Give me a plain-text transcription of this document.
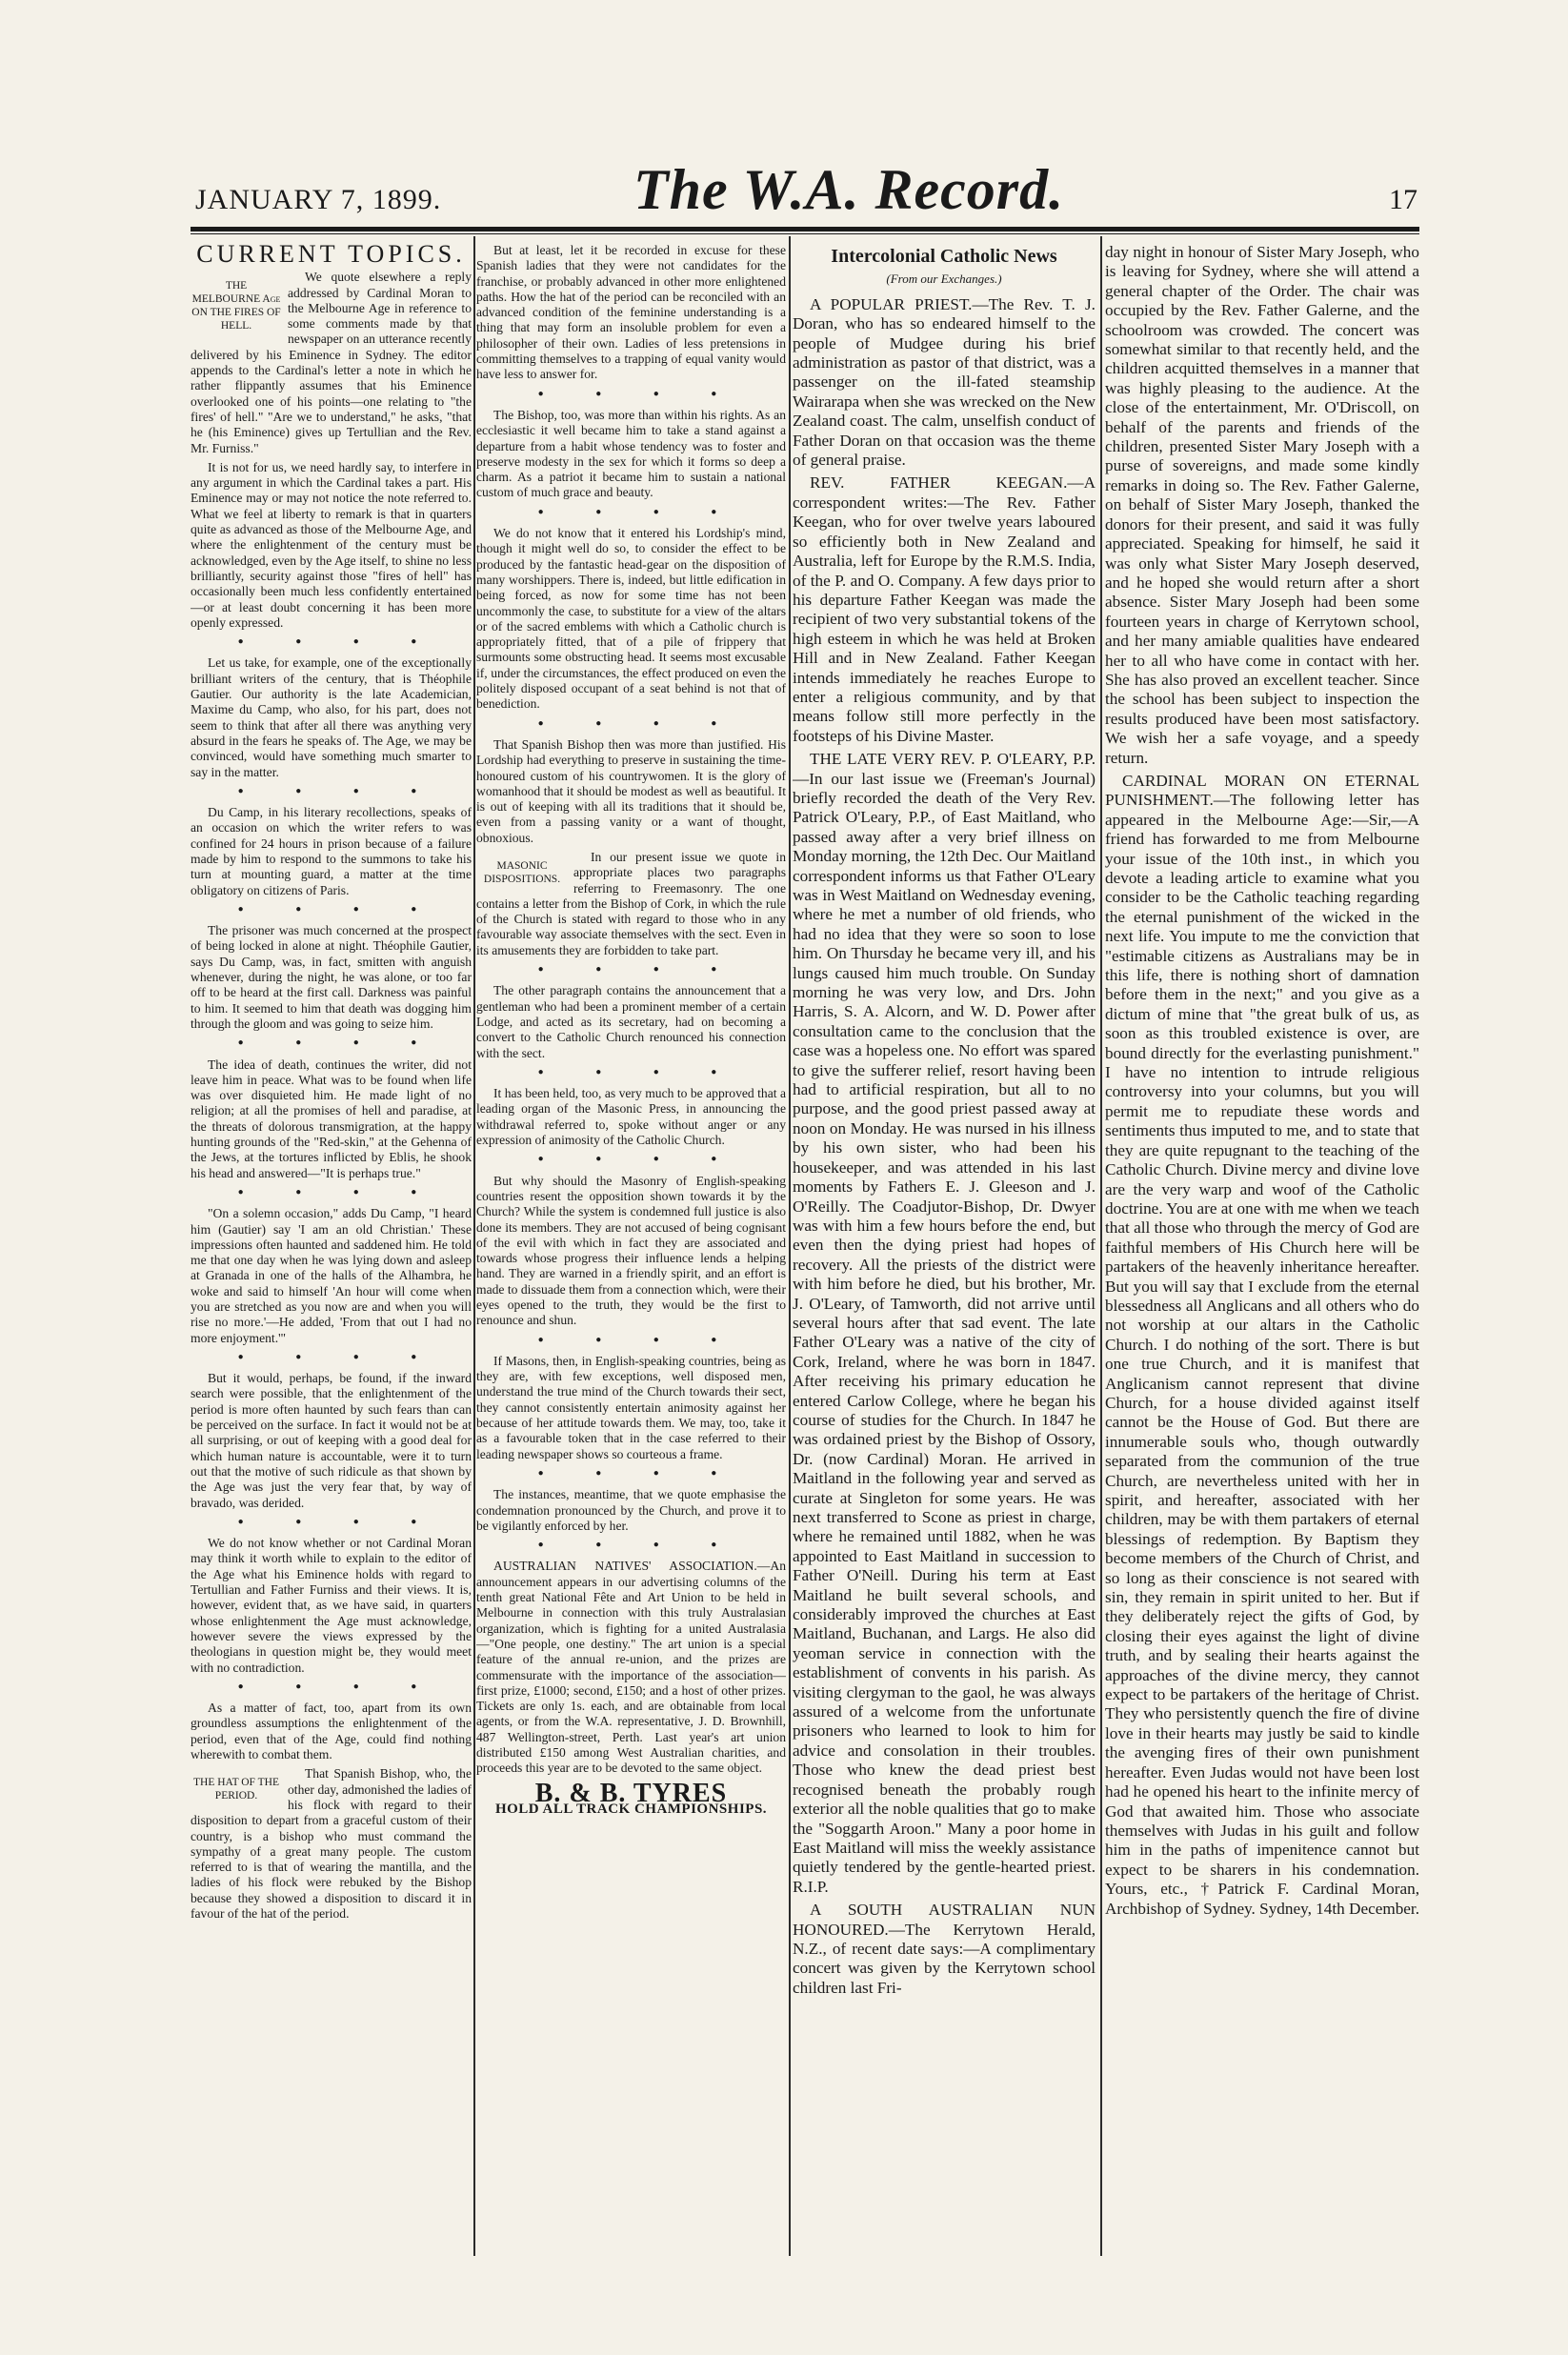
JANUARY 7, 1899.	The W.A. Record.	17
CURRENT TOPICS.
THE MELBOURNE Age ON THE FIRES OF HELL.

We quote elsewhere a reply addressed by Cardinal Moran to the Melbourne Age in reference to some comments made by that newspaper on an utterance recently delivered by his Eminence in Sydney. The editor appends to the Cardinal's letter a note in which he rather flippantly assumes that his Eminence overlooked one of his points—one relating to "the fires' of hell." "Are we to understand," he asks, "that he (his Eminence) gives up Tertullian and the Rev. Mr. Furniss."

It is not for us, we need hardly say, to interfere in any argument in which the Cardinal takes a part. His Eminence may or may not notice the note referred to. What we feel at liberty to remark is that in quarters quite as advanced as those of the Melbourne Age, and where the enlightenment of the century must be acknowledged, even by the Age itself, to shine no less brilliantly, security against those "fires of hell" has occasionally been much less confidently entertained—or at least doubt concerning it has been more openly expressed.

● ● ● ●

Let us take, for example, one of the exceptionally brilliant writers of the century, that is Théophile Gautier. Our authority is the late Academician, Maxime du Camp, who also, for his part, does not seem to think that after all there was anything very absurd in the fears he speaks of. The Age, we may be convinced, would have something much smarter to say in the matter.

● ● ● ●

Du Camp, in his literary recollections, speaks of an occasion on which the writer refers to was confined for 24 hours in prison because of a failure made by him to respond to the summons to take his turn at mounting guard, a matter at the time obligatory on citizens of Paris.

● ● ● ●

The prisoner was much concerned at the prospect of being locked in alone at night. Théophile Gautier, says Du Camp, was, in fact, smitten with anguish whenever, during the night, he was alone, or too far off to be heard at the first call. Darkness was painful to him. It seemed to him that death was dogging him through the gloom and was going to seize him.

● ● ● ●

The idea of death, continues the writer, did not leave him in peace. What was to be found when life was over disquieted him. He made light of no religion; at all the promises of hell and paradise, at the threats of dolorous transmigration, at the happy hunting grounds of the "Red-skin," at the Gehenna of the Jews, at the tortures inflicted by Eblis, he shook his head and answered—"It is perhaps true."

● ● ● ●

"On a solemn occasion," adds Du Camp, "I heard him (Gautier) say 'I am an old Christian.' These impressions often haunted and saddened him. He told me that one day when he was lying down and asleep at Granada in one of the halls of the Alhambra, he woke and said to himself 'An hour will come when you are stretched as you now are and when you will rise no more.'—He added, 'From that out I had no more enjoyment.'"

● ● ● ●

But it would, perhaps, be found, if the inward search were possible, that the enlightenment of the period is more often haunted by such fears than can be perceived on the surface. In fact it would not be at all surprising, or out of keeping with a good deal for which human nature is accountable, were it to turn out that the motive of such ridicule as that shown by the Age was just the very fear that, by way of bravado, was derided.

● ● ● ●

We do not know whether or not Cardinal Moran may think it worth while to explain to the editor of the Age what his Eminence holds with regard to Tertullian and Father Furniss and their views. It is, however, evident that, as we have said, in quarters whose enlightenment the Age must acknowledge, however severe the views expressed by the theologians in question might be, they would meet with no contradiction.

● ● ● ●

As a matter of fact, too, apart from its own groundless assumptions the enlightenment of the period, even that of the Age, could find nothing wherewith to combat them.

THE HAT OF THE PERIOD.

That Spanish Bishop, who, the other day, admonished the ladies of his flock with regard to their disposition to depart from a graceful custom of their country, is a bishop who must command the sympathy of a great many people. The custom referred to is that of wearing the mantilla, and the ladies of his flock were rebuked by the Bishop because they showed a disposition to discard it in favour of the hat of the period.

But at least, let it be recorded in excuse for these Spanish ladies that they were not candidates for the franchise, or probably advanced in other more enlightened paths. How the hat of the period can be reconciled with an advanced condition of the feminine understanding is a thing that may form an insoluble problem for even a philosopher of their own. Ladies of less pretensions in committing themselves to a trapping of equal vanity would have less to answer for.

● ● ● ●

The Bishop, too, was more than within his rights. As an ecclesiastic it well became him to take a stand against a departure from a habit whose tendency was to foster and preserve modesty in the sex for which it forms so deep a charm. As a patriot it became him to sustain a national custom of much grace and beauty.

● ● ● ●

We do not know that it entered his Lordship's mind, though it might well do so, to consider the effect to be produced by the fantastic head-gear on the disposition of many worshippers. There is, indeed, but little edification in being forced, as now for some time has not been uncommonly the case, to substitute for a view of the altars or of the sacred emblems with which a Catholic church is appropriately fitted, that of a pile of frippery that surmounts some obstructing head. It seems most excusable if, under the circumstances, the effect produced on even the politely disposed occupant of a seat behind is not that of benediction.

● ● ● ●

That Spanish Bishop then was more than justified. His Lordship had everything to preserve in sustaining the time-honoured custom of his countrywomen. It is the glory of womanhood that it should be modest as well as beautiful. It is out of keeping with all its traditions that it should be, even from a passing vanity or a want of thought, obnoxious.

MASONIC DISPOSITIONS.

In our present issue we quote in appropriate places two paragraphs referring to Freemasonry. The one contains a letter from the Bishop of Cork, in which the rule of the Church is stated with regard to those who in any favourable way associate themselves with the sect. Even in its amusements they are forbidden to take part.

● ● ● ●

The other paragraph contains the announcement that a gentleman who had been a prominent member of a certain Lodge, and acted as its secretary, had on becoming a convert to the Catholic Church renounced his connection with the sect.

● ● ● ●

It has been held, too, as very much to be approved that a leading organ of the Masonic Press, in announcing the withdrawal referred to, spoke without anger or any expression of animosity of the Catholic Church.

● ● ● ●

But why should the Masonry of English-speaking countries resent the opposition shown towards it by the Church? While the system is condemned full justice is also done its members. They are not accused of being cognisant of the evil with which in fact they are associated and towards whose progress their influence lends a helping hand. They are warned in a friendly spirit, and an effort is made to dissuade them from a connection which, were their eyes opened to the truth, they would be the first to renounce and shun.

● ● ● ●

If Masons, then, in English-speaking countries, being as they are, with few exceptions, well disposed men, understand the true mind of the Church towards their sect, they cannot consistently entertain animosity against her because of her attitude towards them. We may, too, take it as a favourable token that in the case referred to their leading newspaper shows so courteous a frame.

● ● ● ●

The instances, meantime, that we quote emphasise the condemnation pronounced by the Church, and prove it to be vigilantly enforced by her.

● ● ● ●

AUSTRALIAN NATIVES' ASSOCIATION.—An announcement appears in our advertising columns of the tenth great National Fête and Art Union to be held in Melbourne in connection with this truly Australasian organization, which is fighting for a united Australasia—"One people, one destiny." The art union is a special feature of the annual re-union, and the prizes are commensurate with the importance of the association—first prize, £1000; second, £150; and a host of other prizes. Tickets are only 1s. each, and are obtainable from local agents, or from the W.A. representative, J. D. Brownhill, 487 Wellington-street, Perth. Last year's art union distributed £150 among West Australian charities, and proceeds this year are to be devoted to the same object.

B. & B. TYRES
HOLD ALL TRACK CHAMPIONSHIPS.
Intercolonial Catholic News
(From our Exchanges.)

A POPULAR PRIEST.—The Rev. T. J. Doran, who has so endeared himself to the people of Mudgee during his brief administration as pastor of that district, was a passenger on the ill-fated steamship Wairarapa when she was wrecked on the New Zealand coast. The calm, unselfish conduct of Father Doran on that occasion was the theme of general praise.

REV. FATHER KEEGAN.—A correspondent writes:—The Rev. Father Keegan, who for over twelve years laboured so efficiently both in New Zealand and Australia, left for Europe by the R.M.S. India, of the P. and O. Company. A few days prior to his departure Father Keegan was made the recipient of two very substantial tokens of the high esteem in which he was held at Broken Hill and in New Zealand. Father Keegan intends immediately he reaches Europe to enter a religious community, and by that means follow still more perfectly in the footsteps of his Divine Master.

THE LATE VERY REV. P. O'LEARY, P.P.—In our last issue we (Freeman's Journal) briefly recorded the death of the Very Rev. Patrick O'Leary, P.P., of East Maitland, who passed away after a very brief illness on Monday morning, the 12th Dec. Our Maitland correspondent informs us that Father O'Leary was in West Maitland on Wednesday evening, where he met a number of old friends, who had no idea that they were so soon to lose him. On Thursday he became very ill, and his lungs caused him much trouble. On Sunday morning he was very low, and Drs. John Harris, S. A. Alcorn, and W. D. Power after consultation came to the conclusion that the case was a hopeless one. No effort was spared to give the sufferer relief, resort having been had to artificial respiration, but all to no purpose, and the good priest passed away at noon on Monday. He was nursed in his illness by his own sister, who had been his housekeeper, and was attended in his last moments by Fathers E. J. Gleeson and J. O'Reilly. The Coadjutor-Bishop, Dr. Dwyer was with him a few hours before the end, but even then the dying priest had hopes of recovery. All the priests of the district were with him before he died, but his brother, Mr. J. O'Leary, of Tamworth, did not arrive until several hours after that sad event. The late Father O'Leary was a native of the city of Cork, Ireland, where he was born in 1847. After receiving his primary education he entered Carlow College, where he began his course of studies for the Church. In 1847 he was ordained priest by the Bishop of Ossory, Dr. (now Cardinal) Moran. He arrived in Maitland in the following year and served as curate at Singleton for some years. He was next transferred to Scone as priest in charge, where he remained until 1882, when he was appointed to East Maitland in succession to Father O'Neill. During his term at East Maitland he built several schools, and considerably improved the churches at East Maitland, Buchanan, and Largs. He also did yeoman service in connection with the establishment of convents in his parish. As visiting clergyman to the gaol, he was always assured of a welcome from the unfortunate prisoners who learned to look to him for advice and consolation in their troubles. Those who knew the dead priest best recognised beneath the probably rough exterior all the noble qualities that go to make the "Soggarth Aroon." Many a poor home in East Maitland will miss the weekly assistance quietly tendered by the gentle-hearted priest. R.I.P.

A SOUTH AUSTRALIAN NUN HONOURED.—The Kerrytown Herald, N.Z., of recent date says:—A complimentary concert was given by the Kerrytown school children last Fri-

day night in honour of Sister Mary Joseph, who is leaving for Sydney, where she will attend a general chapter of the Order. The chair was occupied by the Rev. Father Galerne, and the schoolroom was crowded. The concert was somewhat similar to that recently held, and the children acquitted themselves in a manner that was highly pleasing to the audience. At the close of the entertainment, Mr. O'Driscoll, on behalf of the parents and friends of the children, presented Sister Mary Joseph with a purse of sovereigns, and made some kindly remarks in doing so. The Rev. Father Galerne, on behalf of Sister Mary Joseph, thanked the donors for their present, and said it was fully appreciated. Speaking for himself, he said it was only what Sister Mary Joseph deserved, and he hoped she would return after a short absence. Sister Mary Joseph had been some fourteen years in charge of Kerrytown school, and her many amiable qualities have endeared her to all who have come in contact with her. She has also proved an excellent teacher. Since the school has been subject to inspection the results produced have been most satisfactory. We wish her a safe voyage, and a speedy return.

CARDINAL MORAN ON ETERNAL PUNISHMENT.—The following letter has appeared in the Melbourne Age:—Sir,—A friend has forwarded to me from Melbourne your issue of the 10th inst., in which you devote a leading article to examine what you consider to be the Catholic teaching regarding the eternal punishment of the wicked in the next life. You impute to me the conviction that "estimable citizens as Australians may be in this life, there is nothing short of damnation before them in the next;" and you give as a dictum of mine that "the great bulk of us, as soon as this troubled existence is over, are bound directly for the everlasting punishment." I have no intention to intrude religious controversy into your columns, but you will permit me to repudiate these words and sentiments thus imputed to me, and to state that they are quite repugnant to the teaching of the Catholic Church. Divine mercy and divine love are the very warp and woof of the Catholic doctrine. You are at one with me when we teach that all those who through the mercy of God are faithful members of His Church here will be partakers of the heavenly inheritance hereafter. But you will say that I exclude from the eternal blessedness all Anglicans and all others who do not worship at our altars in the Catholic Church. I do nothing of the sort. There is but one true Church, and it is manifest that Anglicanism cannot represent that divine Church, for a house divided against itself cannot be the House of God. But there are innumerable souls who, though outwardly separated from the communion of the true Church, are nevertheless united with her in spirit, and hereafter, associated with her children, may be with them partakers of eternal blessings of redemption. By Baptism they become members of the Church of Christ, and so long as their conscience is not seared with sin, they remain in spirit united to her. But if they deliberately reject the gifts of God, by closing their eyes against the light of divine truth, and by sealing their hearts against the approaches of the divine mercy, they cannot expect to be partakers of the heritage of Christ. They who persistently quench the fire of divine love in their hearts may justly be said to kindle the avenging fires of their own punishment hereafter. Even Judas would not have been lost had he opened his heart to the infinite mercy of God that awaited him. Those who associate themselves with Judas in his guilt and follow him in the paths of impenitence cannot but expect to be sharers in his condemnation. Yours, etc., †Patrick F. Cardinal Moran, Archbishop of Sydney. Sydney, 14th December.
